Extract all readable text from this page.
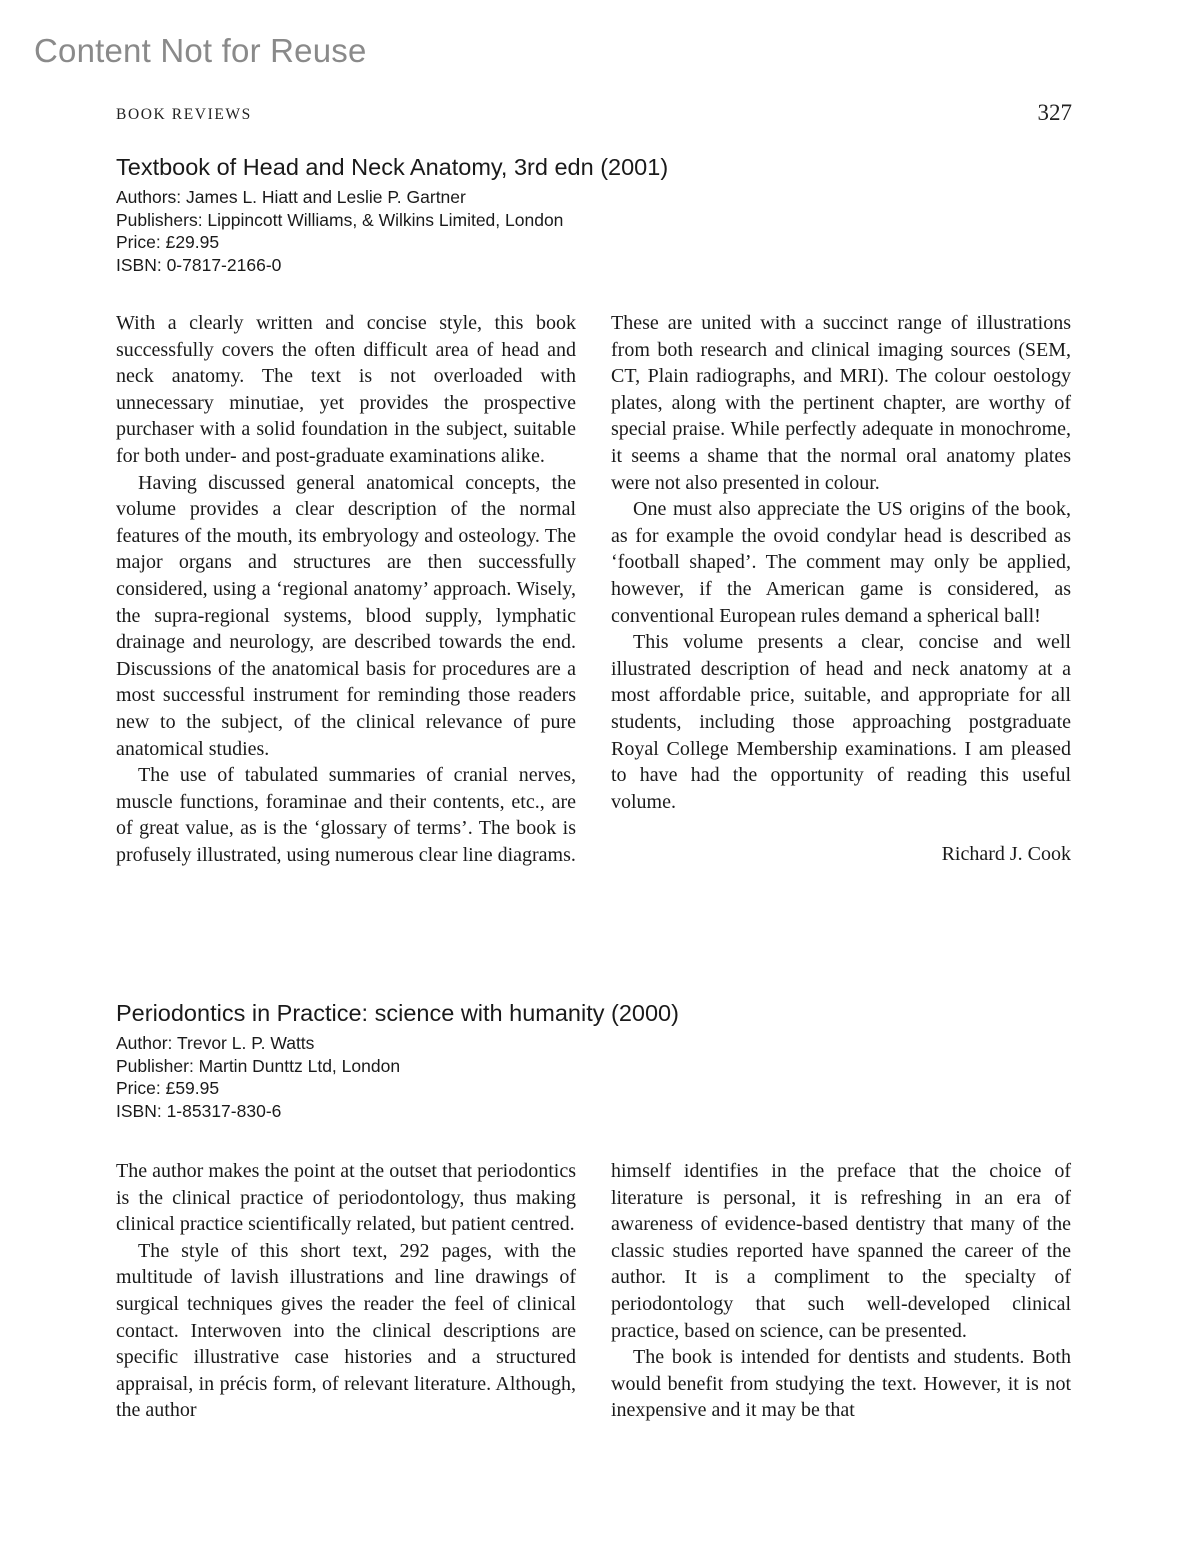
Content Not for Reuse
BOOK REVIEWS	327
Textbook of Head and Neck Anatomy, 3rd edn (2001)
Authors: James L. Hiatt and Leslie P. Gartner
Publishers: Lippincott Williams, & Wilkins Limited, London
Price: £29.95
ISBN: 0-7817-2166-0

With a clearly written and concise style, this book successfully covers the often difficult area of head and neck anatomy. The text is not overloaded with unnecessary minutiae, yet provides the prospective purchaser with a solid foundation in the subject, suitable for both under- and post-graduate examinations alike.

Having discussed general anatomical concepts, the volume provides a clear description of the normal features of the mouth, its embryology and osteology. The major organs and structures are then successfully considered, using a ‘regional anatomy’ approach. Wisely, the supra-regional systems, blood supply, lymphatic drainage and neurology, are described towards the end. Discussions of the anatomical basis for procedures are a most successful instrument for reminding those readers new to the subject, of the clinical relevance of pure anatomical studies.

The use of tabulated summaries of cranial nerves, muscle functions, foraminae and their contents, etc., are of great value, as is the ‘glossary of terms’. The book is profusely illustrated, using numerous clear line diagrams.

These are united with a succinct range of illustrations from both research and clinical imaging sources (SEM, CT, Plain radiographs, and MRI). The colour oestology plates, along with the pertinent chapter, are worthy of special praise. While perfectly adequate in monochrome, it seems a shame that the normal oral anatomy plates were not also presented in colour.

One must also appreciate the US origins of the book, as for example the ovoid condylar head is described as ‘football shaped’. The comment may only be applied, however, if the American game is considered, as conventional European rules demand a spherical ball!

This volume presents a clear, concise and well illustrated description of head and neck anatomy at a most affordable price, suitable, and appropriate for all students, including those approaching postgraduate Royal College Membership examinations. I am pleased to have had the opportunity of reading this useful volume.

Richard J. Cook
Periodontics in Practice: science with humanity (2000)
Author: Trevor L. P. Watts
Publisher: Martin Dunttz Ltd, London
Price: £59.95
ISBN: 1-85317-830-6

The author makes the point at the outset that periodontics is the clinical practice of periodontology, thus making clinical practice scientifically related, but patient centred.

The style of this short text, 292 pages, with the multitude of lavish illustrations and line drawings of surgical techniques gives the reader the feel of clinical contact. Interwoven into the clinical descriptions are specific illustrative case histories and a structured appraisal, in précis form, of relevant literature. Although, the author

himself identifies in the preface that the choice of literature is personal, it is refreshing in an era of awareness of evidence-based dentistry that many of the classic studies reported have spanned the career of the author. It is a compliment to the specialty of periodontology that such well-developed clinical practice, based on science, can be presented.

The book is intended for dentists and students. Both would benefit from studying the text. However, it is not inexpensive and it may be that
